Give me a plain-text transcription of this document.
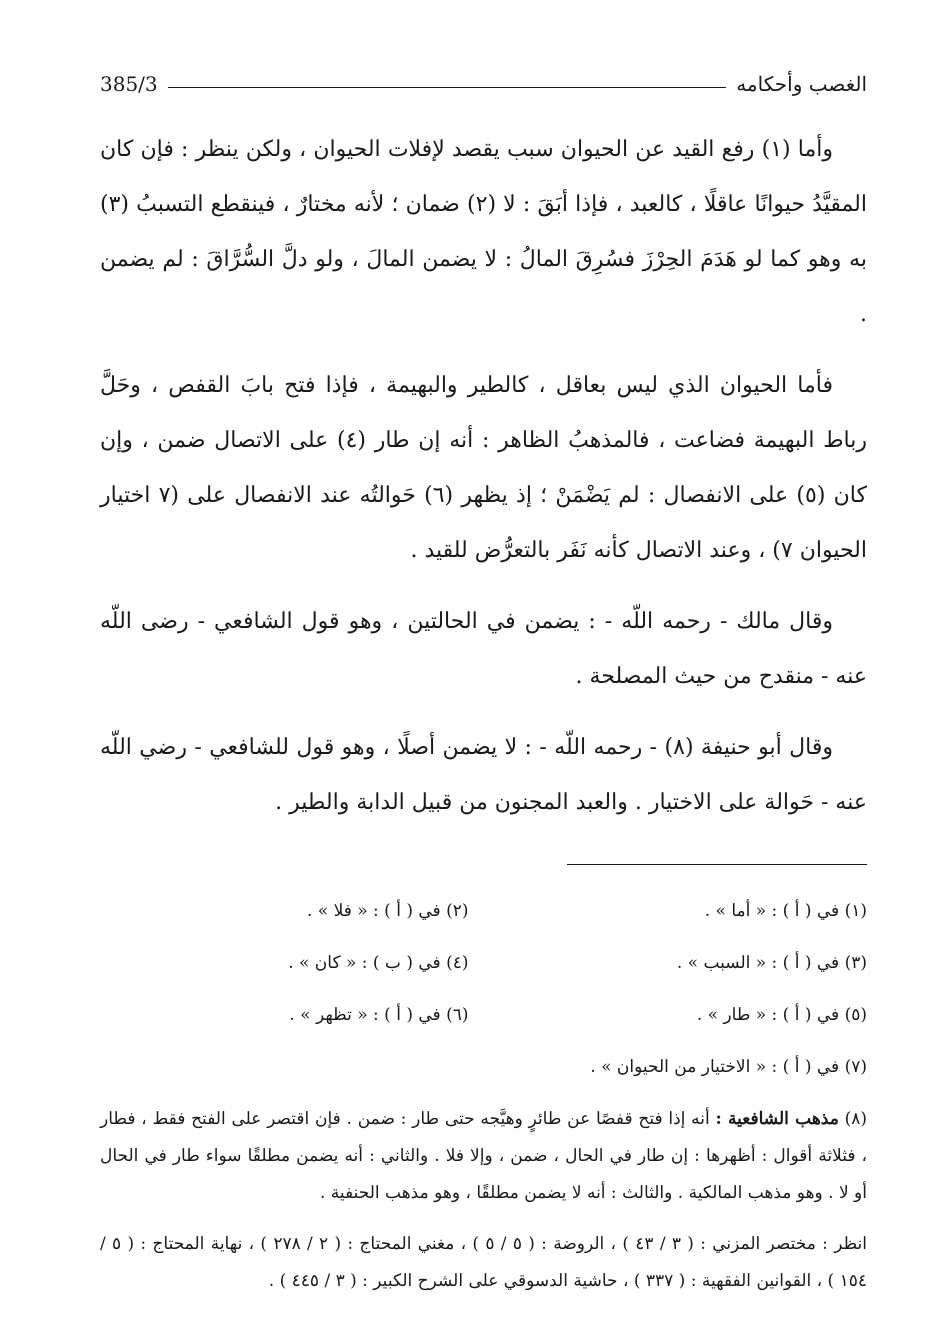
الغصب وأحكامه
385/3

وأما (١) رفع القيد عن الحيوان سبب يقصد لإفلات الحيوان ، ولكن ينظر : فإن كان المقيَّدُ حيوانًا عاقلًا ، كالعبد ، فإذا أبَقَ : لا (٢) ضمان ؛ لأنه مختارٌ ، فينقطع التسببُ (٣) به وهو كما لو هَدَمَ الحِرْزَ فسُرِقَ المالُ : لا يضمن المالَ ، ولو دلَّ السُّرَّاقَ : لم يضمن .

فأما الحيوان الذي ليس بعاقل ، كالطير والبهيمة ، فإذا فتح بابَ القفص ، وحَلَّ رباط البهيمة فضاعت ، فالمذهبُ الظاهر : أنه إن طار (٤) على الاتصال ضمن ، وإن كان (٥) على الانفصال : لم يَضْمَنْ ؛ إذ يظهر (٦) حَوالتُه عند الانفصال على (٧ اختيار الحيوان ٧) ، وعند الاتصال كأنه نَفَر بالتعرُّض للقيد .

وقال مالك - رحمه اللّه - : يضمن في الحالتين ، وهو قول الشافعي - رضى اللّه عنه - منقدح من حيث المصلحة .

وقال أبو حنيفة (٨) - رحمه اللّه - : لا يضمن أصلًا ، وهو قول للشافعي - رضي اللّه عنه - حَوالة على الاختيار . والعبد المجنون من قبيل الدابة والطير .

(١) في ( أ ) : « أما » .
(٢) في ( أ ) : « فلا » .
(٣) في ( أ ) : « السبب » .
(٤) في ( ب ) : « كان » .
(٥) في ( أ ) : « طار » .
(٦) في ( أ ) : « تظهر » .
(٧) في ( أ ) : « الاختيار من الحيوان » .

(٨) مذهب الشافعية : أنه إذا فتح قفصًا عن طائرٍ وهيَّجه حتى طار : ضمن . فإن اقتصر على الفتح فقط ، فطار ، فثلاثة أقوال : أظهرها : إن طار في الحال ، ضمن ، وإلا فلا . والثاني : أنه يضمن مطلقًا سواء طار في الحال أو لا . وهو مذهب المالكية . والثالث : أنه لا يضمن مطلقًا ، وهو مذهب الحنفية .

انظر : مختصر المزني : ( ٣ / ٤٣ ) ، الروضة : ( ٥ / ٥ ) ، مغني المحتاج : ( ٢ / ٢٧٨ ) ، نهاية المحتاج : ( ٥ / ١٥٤ ) ، القوانين الفقهية : ( ٣٣٧ ) ، حاشية الدسوقي على الشرح الكبير : ( ٣ / ٤٤٥ ) .
